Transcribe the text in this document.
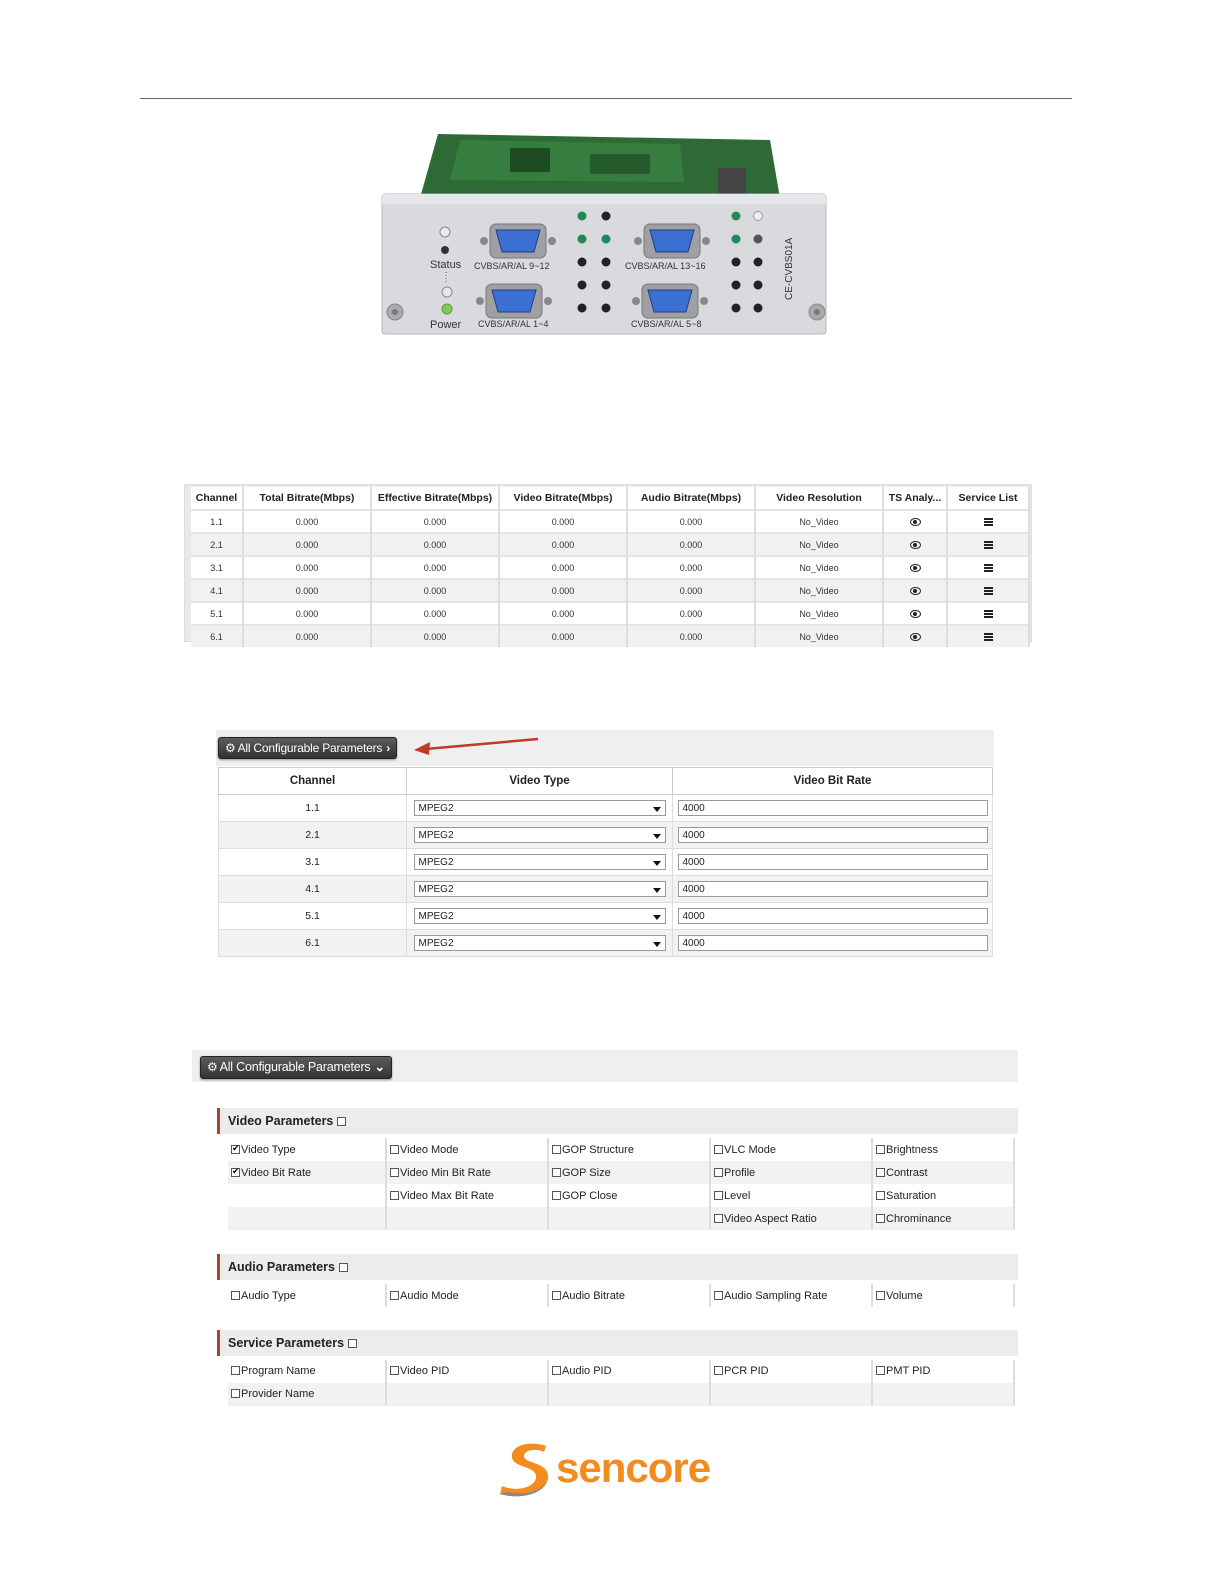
Status
Power
CVBS/AR/AL 9~12	CVBS/AR/AL 13~16
CVBS/AR/AL 1~4	CVBS/AR/AL 5~8
CE-CVBS01A
Channel	Total Bitrate(Mbps)	Effective Bitrate(Mbps)	Video Bitrate(Mbps)	Audio Bitrate(Mbps)	Video Resolution	TS Analy...	Service List
1.1	0.000	0.000	0.000	0.000	No_Video		
2.1	0.000	0.000	0.000	0.000	No_Video		
3.1	0.000	0.000	0.000	0.000	No_Video		
4.1	0.000	0.000	0.000	0.000	No_Video		
5.1	0.000	0.000	0.000	0.000	No_Video		
6.1	0.000	0.000	0.000	0.000	No_Video		
⚙ All Configurable Parameters ›
Channel	Video Type	Video Bit Rate
1.1	MPEG2	4000

2.1	MPEG2	4000

3.1	MPEG2	4000

4.1	MPEG2	4000

5.1	MPEG2	4000

6.1	MPEG2	4000
⚙ All Configurable Parameters ⌄
Video Parameters
✔Video Type	Video Mode	GOP Structure	VLC Mode	Brightness
✔Video Bit Rate	Video Min Bit Rate	GOP Size	Profile	Contrast
	Video Max Bit Rate	GOP Close	Level	Saturation
			Video Aspect Ratio	Chrominance
Audio Parameters
Audio Type	Audio Mode	Audio Bitrate	Audio Sampling Rate	Volume
Service Parameters
Program Name	Video PID	Audio PID	PCR PID	PMT PID
Provider Name				
sencore
